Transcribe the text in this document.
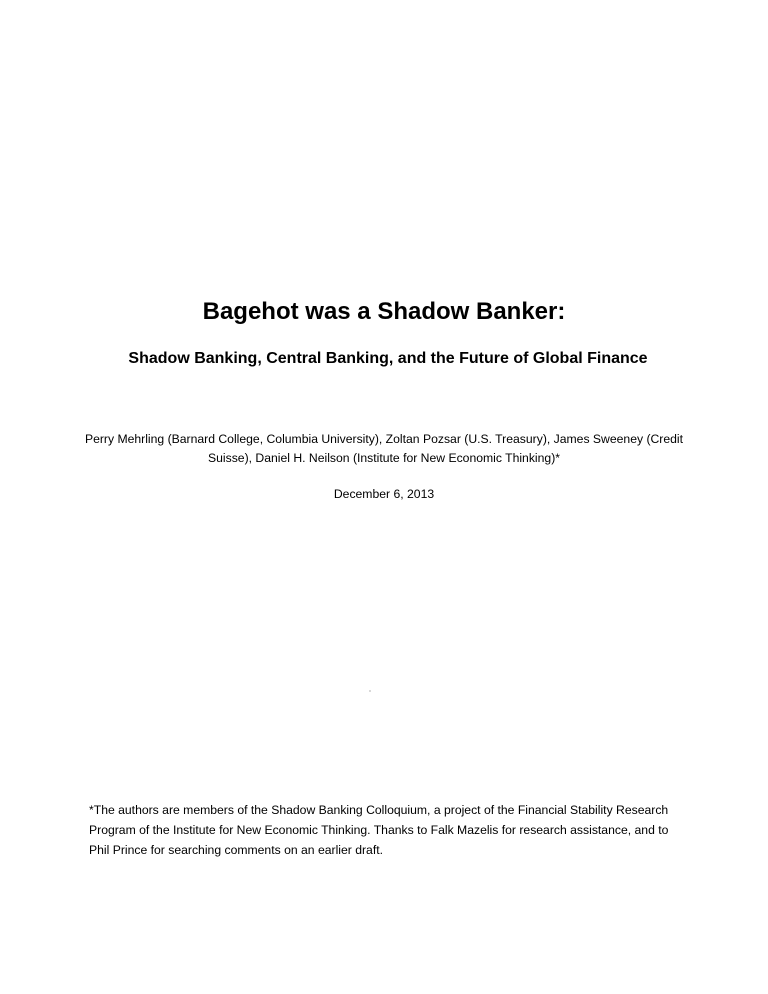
Bagehot was a Shadow Banker:
Shadow Banking, Central Banking, and the Future of Global Finance

Perry Mehrling (Barnard College, Columbia University), Zoltan Pozsar (U.S. Treasury), James Sweeney (Credit Suisse), Daniel H. Neilson (Institute for New Economic Thinking)*

December 6, 2013

*The authors are members of the Shadow Banking Colloquium, a project of the Financial Stability Research Program of the Institute for New Economic Thinking. Thanks to Falk Mazelis for research assistance, and to Phil Prince for searching comments on an earlier draft.
